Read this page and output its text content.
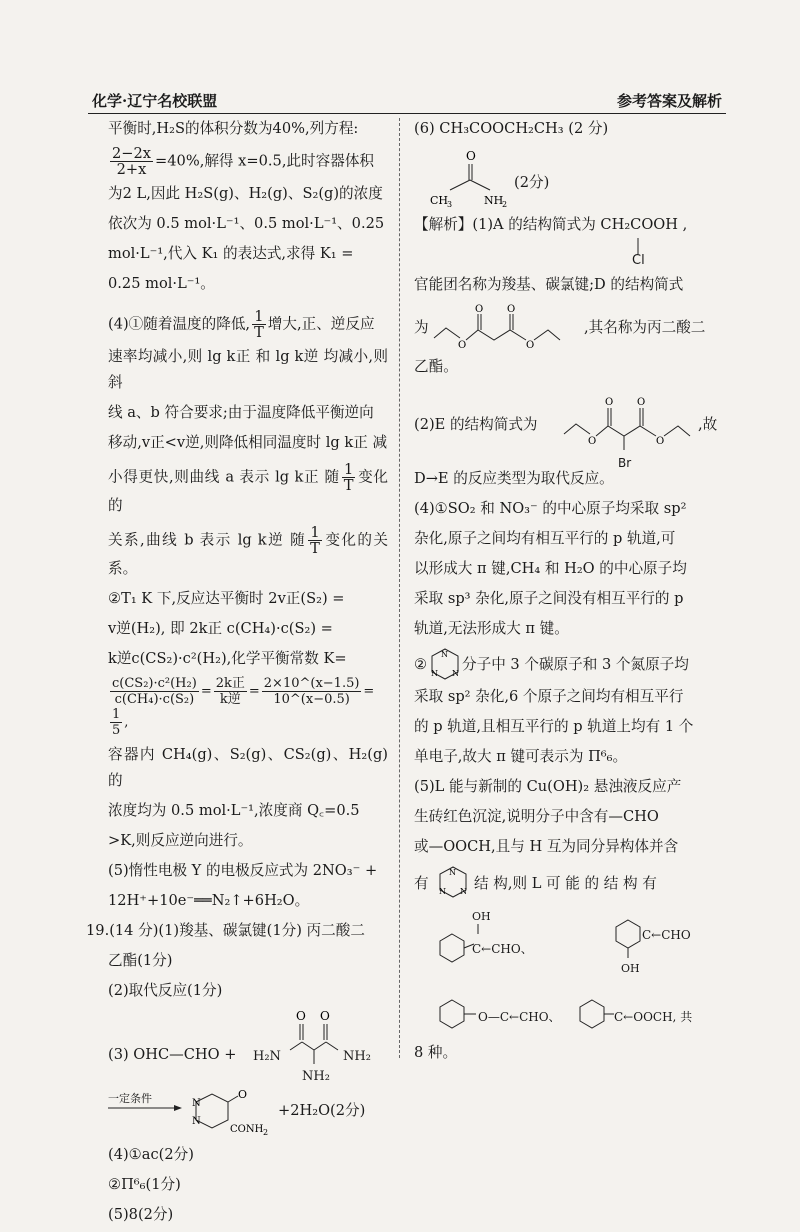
化学·辽宁名校联盟	参考答案及解析
平衡时,H₂S的体积分数为40%,列方程:
$\frac{2-2x}{2+x} =40\%$,解得 x=0.5,此时容器体积
为2 L,因此 H₂S(g)、H₂(g)、S₂(g)的浓度
依次为 0.5 mol·L⁻¹、0.5 mol·L⁻¹、0.25
mol·L⁻¹,代入 K₁ 的表达式,求得 K₁ =
0.25 mol·L⁻¹。
(4)①随着温度的降低, $\frac{1}{T}$ 增大,正、逆反应
速率均减小,则 lg k正 和 lg k逆 均减小,则斜
线 a、b 符合要求;由于温度降低平衡逆向
移动,v正<v逆,则降低相同温度时 lg k正 减
小得更快,则曲线 a 表示 lg k正 随 $\frac{1}{T}$ 变化的
关系,曲线 b 表示 lg k逆 随 $\frac{1}{T}$ 变化的关系。
②T₁ K 下,反应达平衡时 2v正(S₂) =
v逆(H₂), 即 2k正 c(CH₄)·c(S₂) =
k逆c(CS₂)·c²(H₂),化学平衡常数 K=
$\frac{\text{c(CS₂)·c²(H₂)}}{\text{c(CH₄)·c(S₂)}} = \frac{\text{2k正}}{\text{k逆}} = \frac{2\times 10\^{}(x-1.5)}{10\^{}(x-0.5)}$ =
$\frac{1}{5}$ ,
容器内 CH₄(g)、S₂(g)、CS₂(g)、H₂(g)的
浓度均为 0.5 mol·L⁻¹,浓度商 Q꜀=0.5
>K,则反应逆向进行。
(5)惰性电极 Y 的电极反应式为 2NO₃⁻ +
12H⁺+10e⁻══N₂↑+6H₂O。
19.(14 分)(1)羧基、碳氯键(1分) 丙二酸二
乙酯(1分)
(2)取代反应(1分)
(3) OHC—CHO +
O O
H₂N	NH₂
NH₂
一定条件	N
N
O
CONH 2
+2H₂O(2分)
(4)①ac(2分)
②Π⁶₆(1分)
(5)8(2分)
(6) CH₃COOCH₂CH₃ (2 分)
O
CH
3	NH
2
(2分)
【解析】(1)A 的结构简式为 CH₂COOH ,
Cl
官能团名称为羧基、碳氯键;D 的结构简式
为
O
O O
O
,其名称为丙二酸二
乙酯。
(2)E 的结构简式为
O
O O
O
Br
,故
D→E 的反应类型为取代反应。
(4)①SO₂ 和 NO₃⁻ 的中心原子均采取 sp²
杂化,原子之间均有相互平行的 p 轨道,可
以形成大 π 键,CH₄ 和 H₂O 的中心原子均
采取 sp³ 杂化,原子之间没有相互平行的 p
轨道,无法形成大 π 键。
②
N
N N
分子中 3 个碳原子和 3 个氮原子均
采取 sp² 杂化,6 个原子之间均有相互平行
的 p 轨道,且相互平行的 p 轨道上均有 1 个
单电子,故大 π 键可表示为 Π⁶₆。
(5)L 能与新制的 Cu(OH)₂ 悬浊液反应产
生砖红色沉淀,说明分子中含有—CHO
或—OOCH,且与 H 互为同分异构体并含
有
N
N N 结 构,则 L 可 能 的 结 构 有
OH
C←CHO、
C←CHO
OH
O—C←CHO、	C←OOCH, 共
8 种。
